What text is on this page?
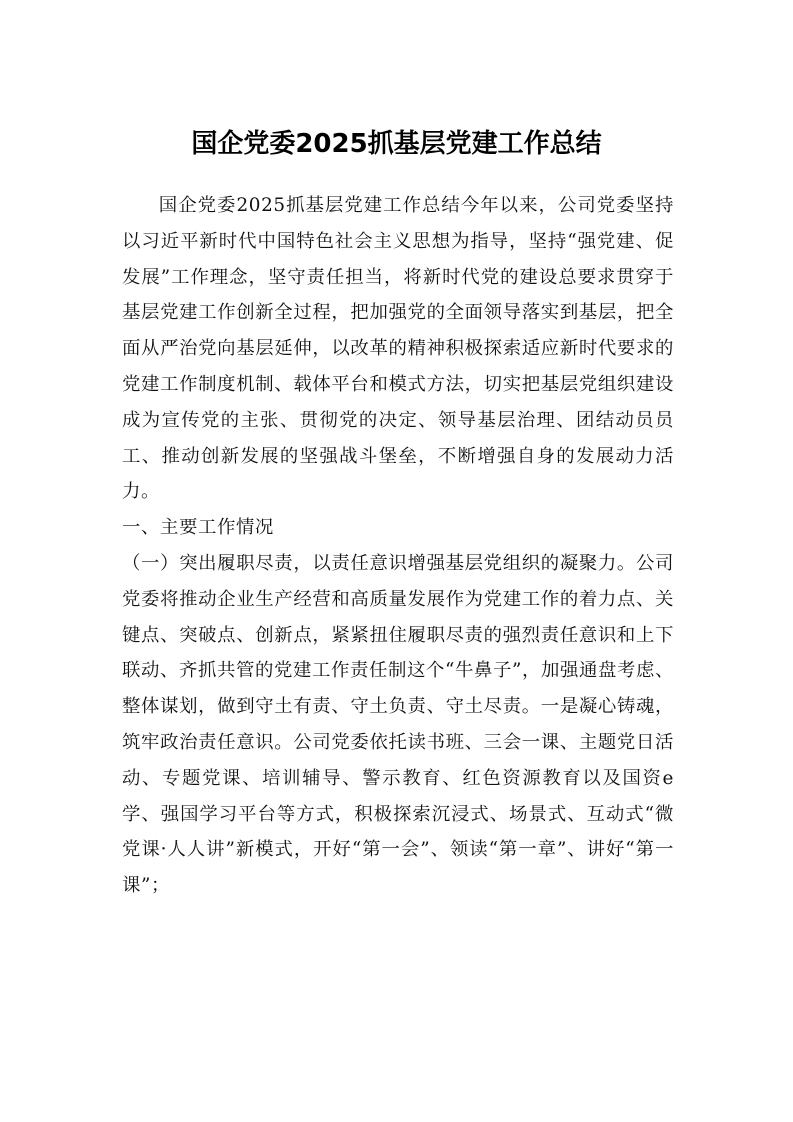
国企党委2025抓基层党建工作总结

国企党委2025抓基层党建工作总结今年以来，公司党委坚持以习近平新时代中国特色社会主义思想为指导，坚持“强党建、促发展”工作理念，坚守责任担当，将新时代党的建设总要求贯穿于基层党建工作创新全过程，把加强党的全面领导落实到基层，把全面从严治党向基层延伸，以改革的精神积极探索适应新时代要求的党建工作制度机制、载体平台和模式方法，切实把基层党组织建设成为宣传党的主张、贯彻党的决定、领导基层治理、团结动员员工、推动创新发展的坚强战斗堡垒，不断增强自身的发展动力活力。

一、主要工作情况

（一）突出履职尽责，以责任意识增强基层党组织的凝聚力。公司党委将推动企业生产经营和高质量发展作为党建工作的着力点、关键点、突破点、创新点，紧紧扭住履职尽责的强烈责任意识和上下联动、齐抓共管的党建工作责任制这个“牛鼻子”，加强通盘考虑、整体谋划，做到守土有责、守土负责、守土尽责。一是凝心铸魂，筑牢政治责任意识。公司党委依托读书班、三会一课、主题党日活动、专题党课、培训辅导、警示教育、红色资源教育以及国资e学、强国学习平台等方式，积极探索沉浸式、场景式、互动式“微党课·人人讲”新模式，开好“第一会”、领读“第一章”、讲好“第一课”；
